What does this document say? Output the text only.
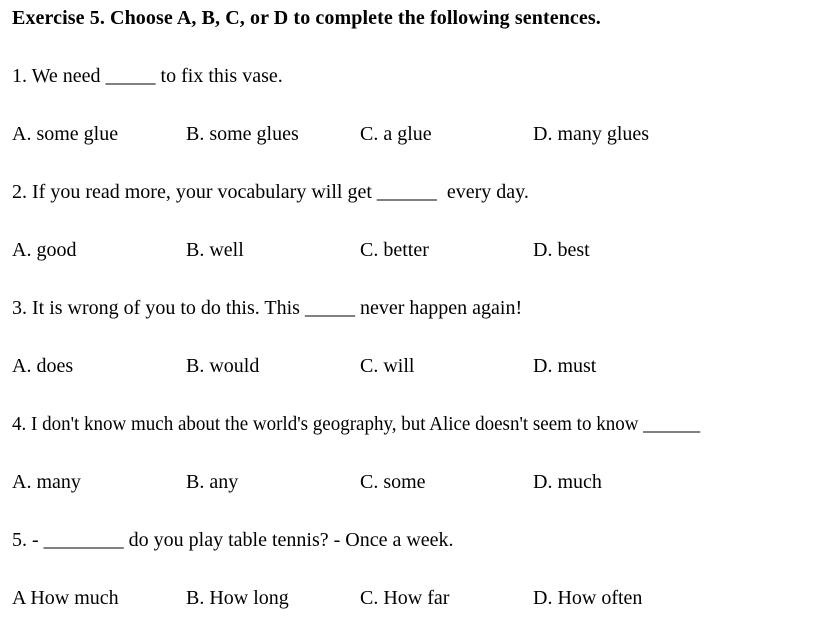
Exercise 5. Choose A, B, C, or D to complete the following sentences.
1. We need _____ to fix this vase.
A. some glue	B. some glues	C. a glue	D. many glues
2. If you read more, your vocabulary will get ______  every day.
A. good	B. well	C. better	D. best
3. It is wrong of you to do this. This _____ never happen again!
A. does	B. would	C. will	D. must
4. I don't know much about the world's geography, but Alice doesn't seem to know ______
A. many	B. any	C. some	D. much
5. - ________ do you play table tennis? - Once a week.
A How much	B. How long	C. How far	D. How often
